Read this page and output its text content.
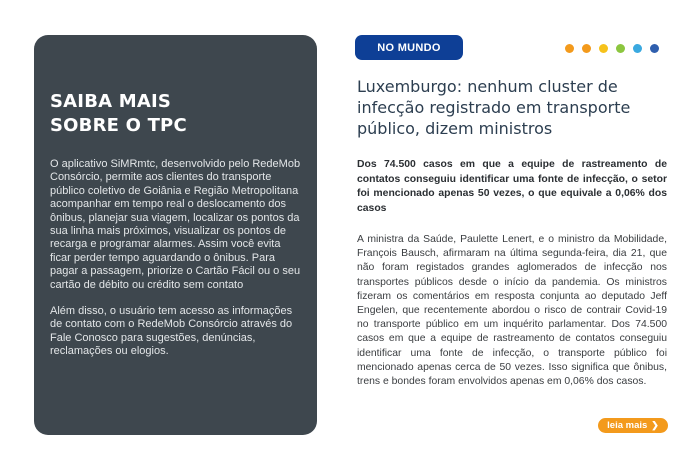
SAIBA MAIS
SOBRE O TPC

O aplicativo SiMRmtc, desenvolvido pelo RedeMob Consórcio, permite aos clientes do transporte público coletivo de Goiânia e Região Metropolitana acompanhar em tempo real o deslocamento dos ônibus, planejar sua viagem, localizar os pontos da sua linha mais próximos, visualizar os pontos de recarga e programar alarmes. Assim você evita ficar perder tempo aguardando o ônibus. Para pagar a passagem, priorize o Cartão Fácil ou o seu cartão de débito ou crédito sem contato

Além disso, o usuário tem acesso as informações de contato com o RedeMob Consórcio através do Fale Conosco para sugestões, denúncias, reclamações ou elogios.

NO MUNDO
Luxemburgo: nenhum cluster de infecção registrado em transporte público, dizem ministros

Dos 74.500 casos em que a equipe de rastreamento de contatos conseguiu identificar uma fonte de infecção, o setor foi mencionado apenas 50 vezes, o que equivale a 0,06% dos casos

A ministra da Saúde, Paulette Lenert, e o ministro da Mobilidade, François Bausch, afirmaram na última segunda-feira, dia 21, que não foram registados grandes aglomerados de infecção nos transportes públicos desde o início da pandemia. Os ministros fizeram os comentários em resposta conjunta ao deputado Jeff Engelen, que recentemente abordou o risco de contrair Covid-19 no transporte público em um inquérito parlamentar. Dos 74.500 casos em que a equipe de rastreamento de contatos conseguiu identificar uma fonte de infecção, o transporte público foi mencionado apenas cerca de 50 vezes. Isso significa que ônibus, trens e bondes foram envolvidos apenas em 0,06% dos casos.

leia mais ❯
